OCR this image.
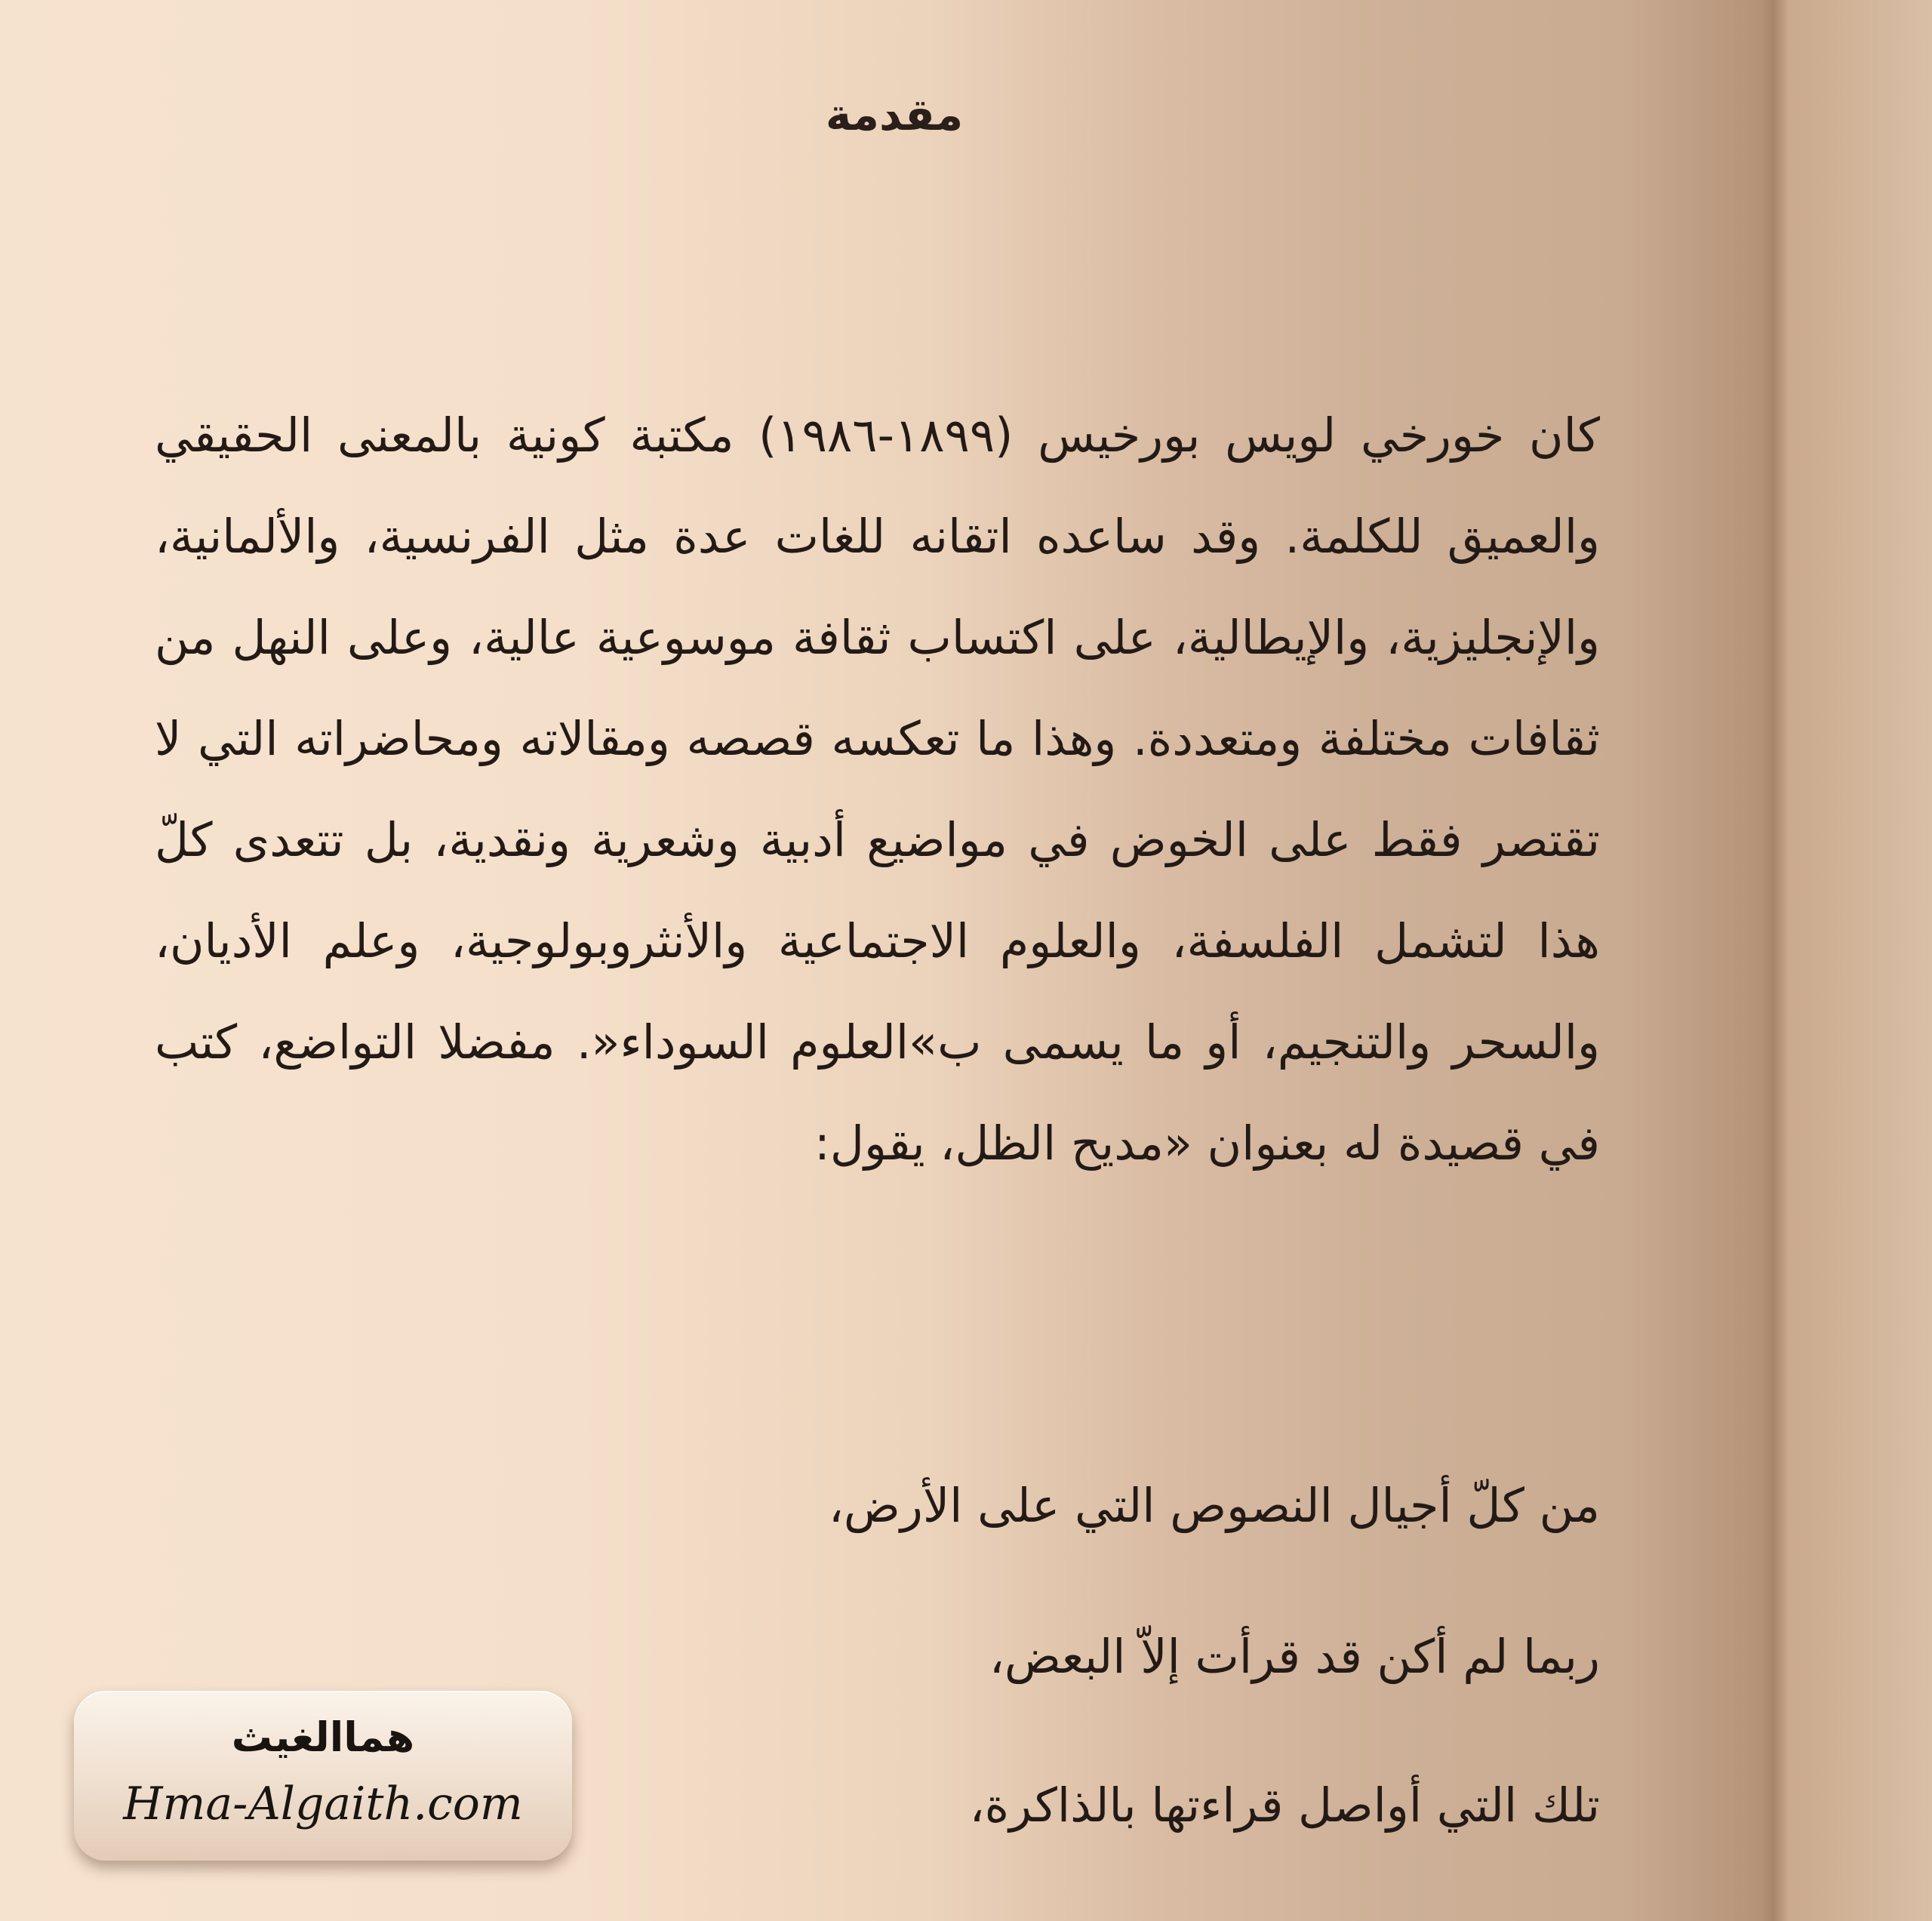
مقدمة
كان خورخي لويس بورخيس (١٨٩٩-١٩٨٦) مكتبة كونية بالمعنى الحقيقي والعميق للكلمة. وقد ساعده اتقانه للغات عدة مثل الفرنسية، والألمانية، والإنجليزية، والإيطالية، على اكتساب ثقافة موسوعية عالية، وعلى النهل من ثقافات مختلفة ومتعددة. وهذا ما تعكسه قصصه ومقالاته ومحاضراته التي لا تقتصر فقط على الخوض في مواضيع أدبية وشعرية ونقدية، بل تتعدى كلّ هذا لتشمل الفلسفة، والعلوم الاجتماعية والأنثروبولوجية، وعلم الأديان، والسحر والتنجيم، أو ما يسمى ب»العلوم السوداء«. مفضلا التواضع، كتب في قصيدة له بعنوان «مديح الظل، يقول:
من كلّ أجيال النصوص التي على الأرض،
ربما لم أكن قد قرأت إلاّ البعض،
تلك التي أواصل قراءتها بالذاكرة،
هماالغيث
Hma-Algaith.com
